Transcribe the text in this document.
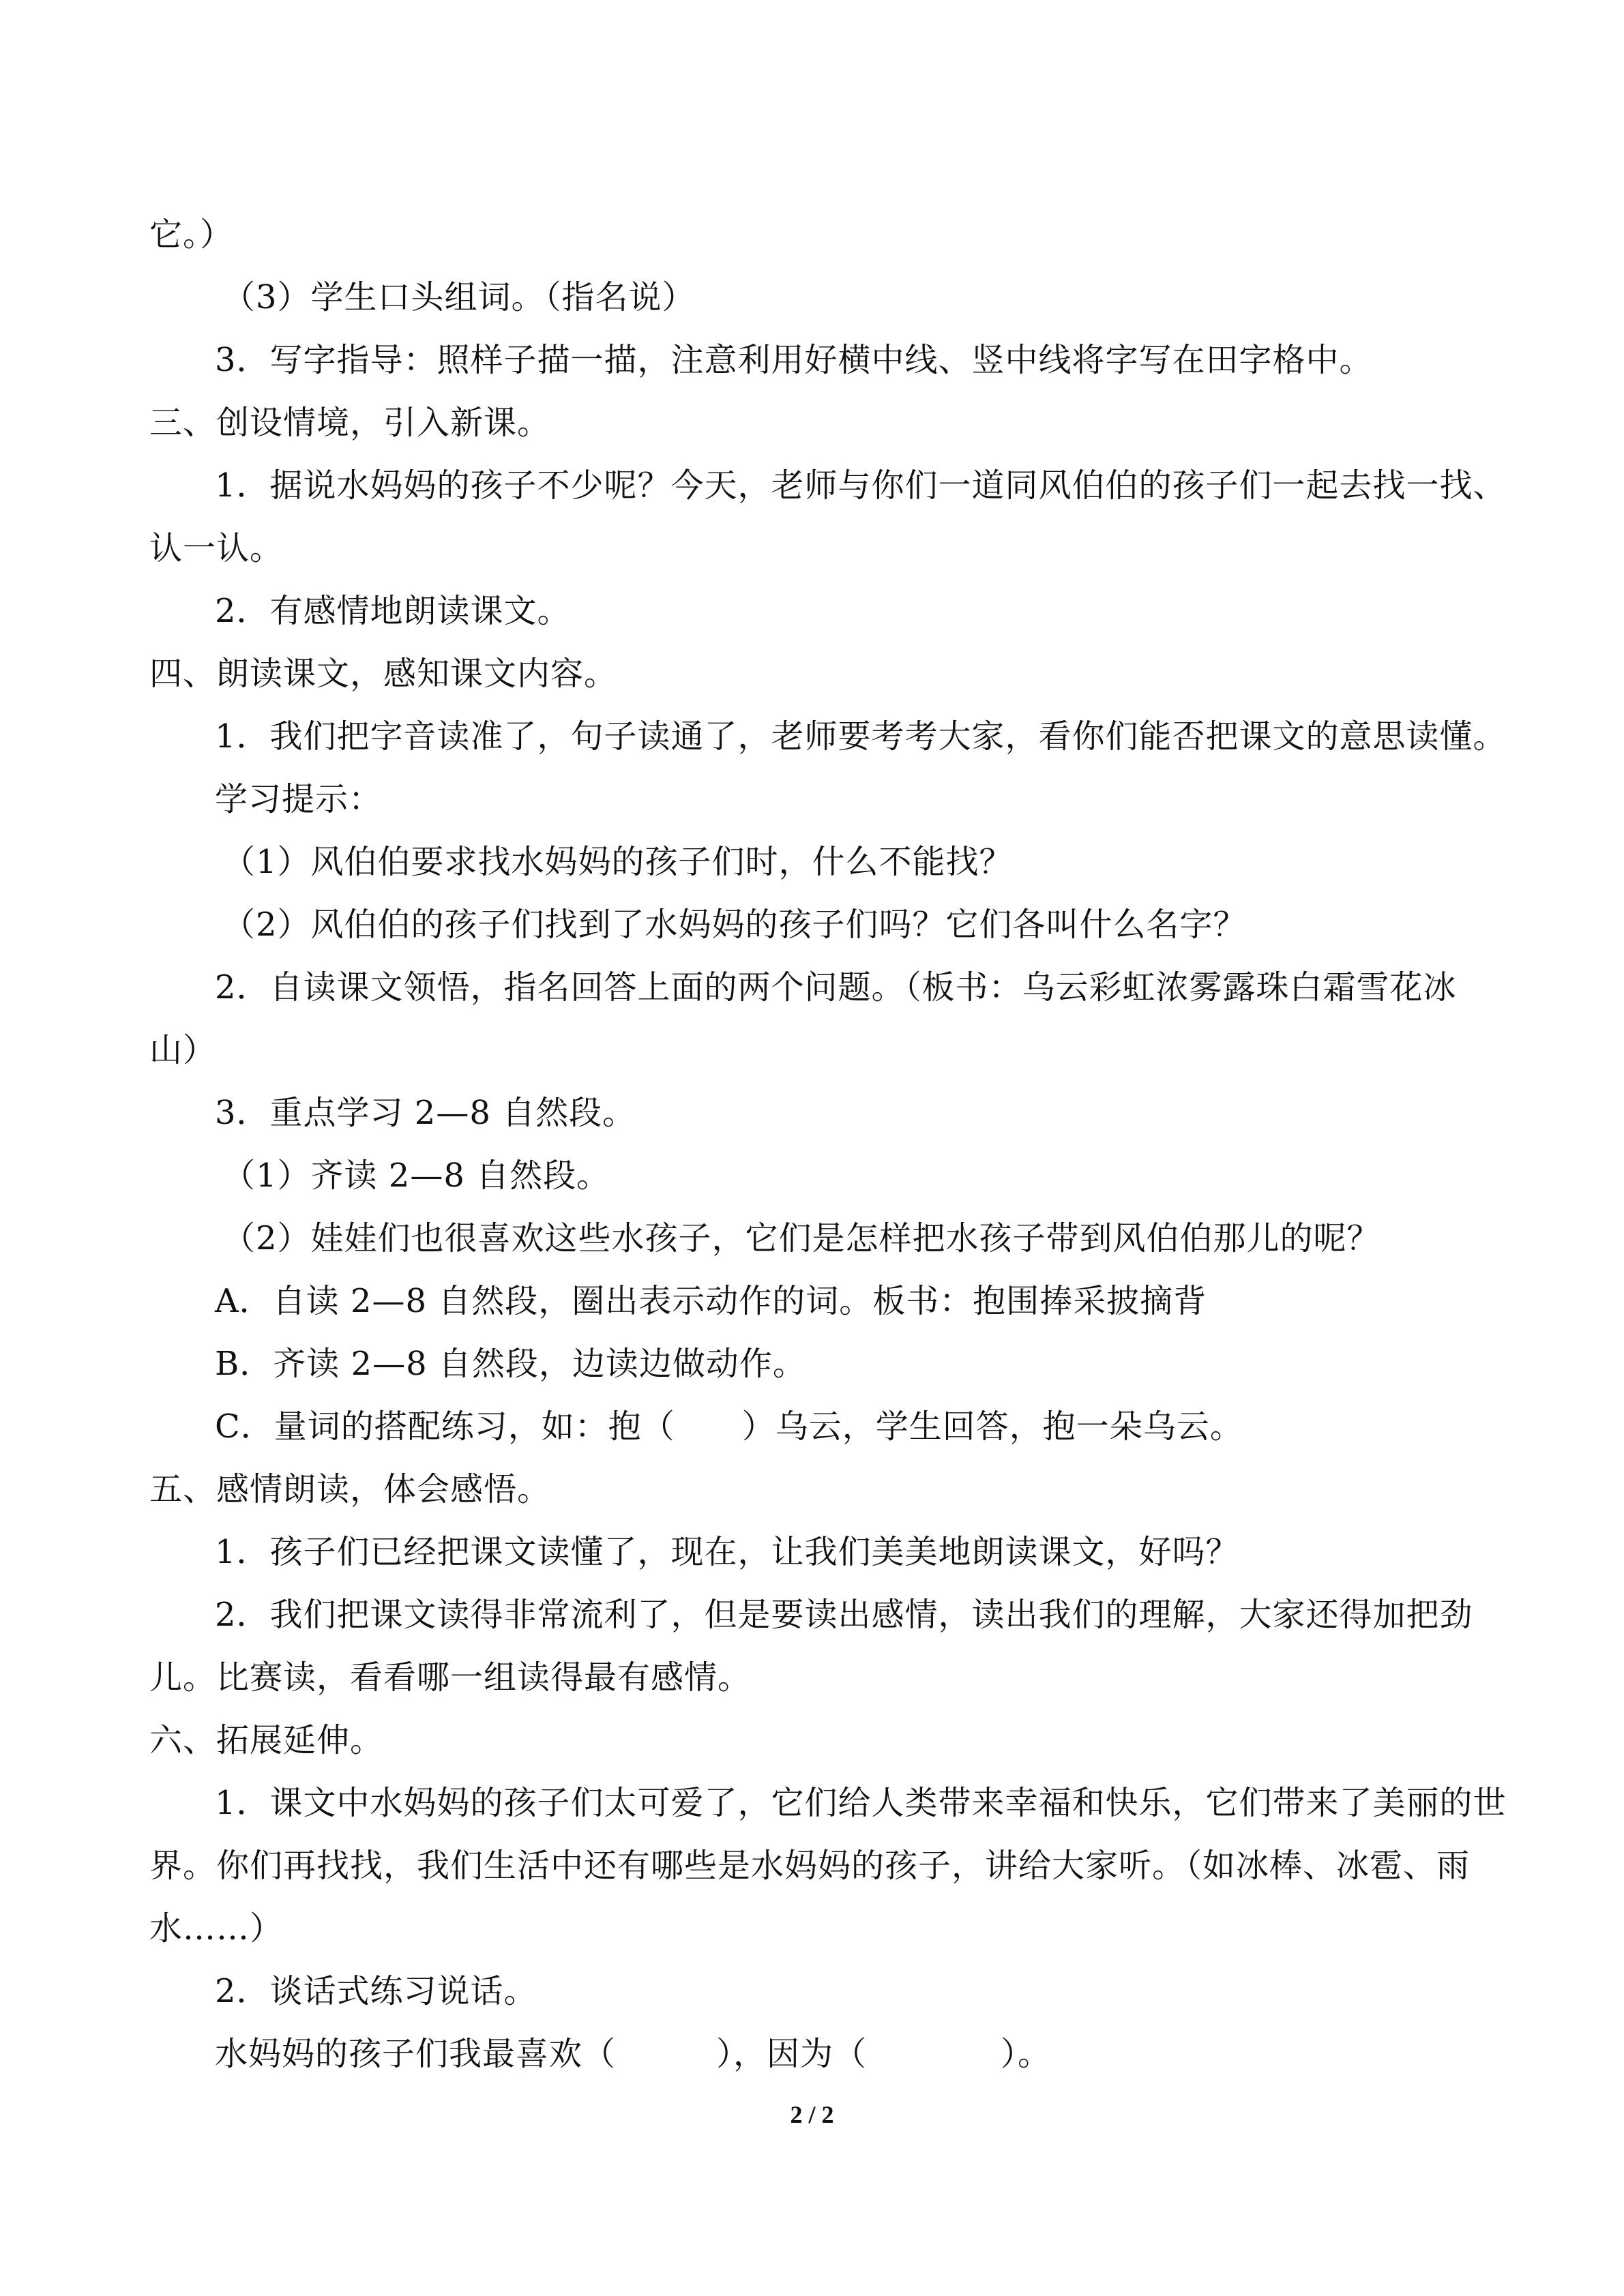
它。）
（3）学生口头组词。（指名说）
3．写字指导：照样子描一描，注意利用好横中线、竖中线将字写在田字格中。
三、创设情境，引入新课。
1．据说水妈妈的孩子不少呢？今天，老师与你们一道同风伯伯的孩子们一起去找一找、
认一认。
2．有感情地朗读课文。
四、朗读课文，感知课文内容。
1．我们把字音读准了，句子读通了，老师要考考大家，看你们能否把课文的意思读懂。
学习提示：
（1）风伯伯要求找水妈妈的孩子们时，什么不能找？
（2）风伯伯的孩子们找到了水妈妈的孩子们吗？它们各叫什么名字？
2．自读课文领悟，指名回答上面的两个问题。（板书：乌云彩虹浓雾露珠白霜雪花冰
山）
3．重点学习 2—8 自然段。
（1）齐读 2—8 自然段。
（2）娃娃们也很喜欢这些水孩子，它们是怎样把水孩子带到风伯伯那儿的呢？
A．自读 2—8 自然段，圈出表示动作的词。板书：抱围捧采披摘背
B．齐读 2—8 自然段，边读边做动作。
C．量词的搭配练习，如：抱（　　）乌云，学生回答，抱一朵乌云。
五、感情朗读，体会感悟。
1．孩子们已经把课文读懂了，现在，让我们美美地朗读课文，好吗？
2．我们把课文读得非常流利了，但是要读出感情，读出我们的理解，大家还得加把劲
儿。比赛读，看看哪一组读得最有感情。
六、拓展延伸。
1．课文中水妈妈的孩子们太可爱了，它们给人类带来幸福和快乐，它们带来了美丽的世
界。你们再找找，我们生活中还有哪些是水妈妈的孩子，讲给大家听。（如冰棒、冰雹、雨
水……）
2．谈话式练习说话。
水妈妈的孩子们我最喜欢（　　　），因为（　　　　）。
2 / 2
